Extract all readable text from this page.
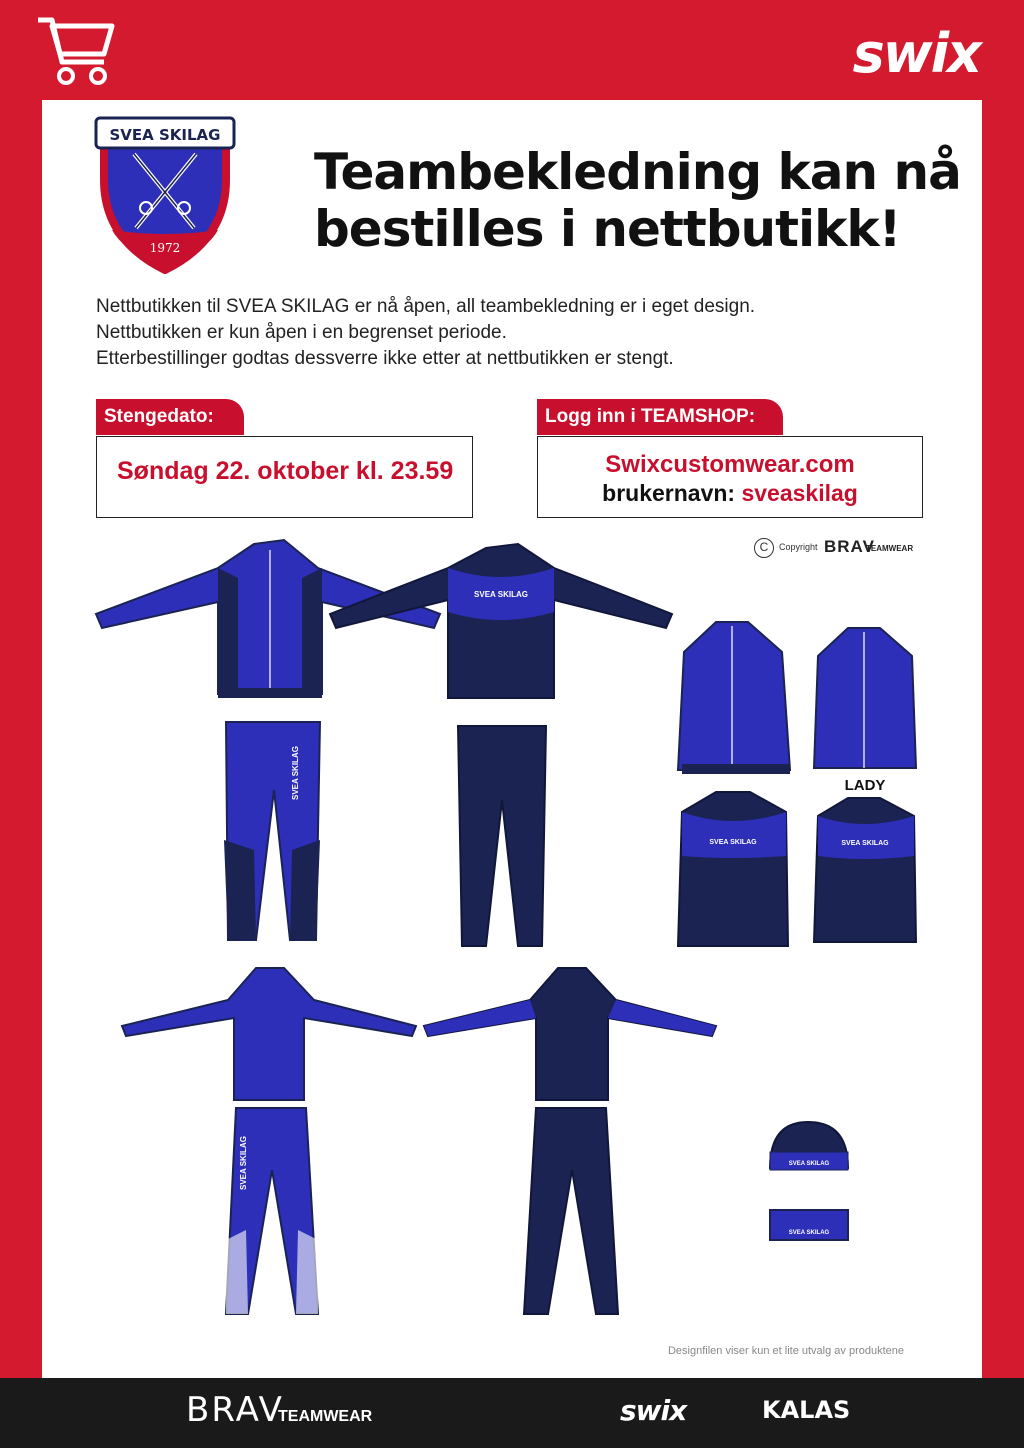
swix
SVEA SKILAG
1972
Teambekledning kan nå
bestilles i nettbutikk!

Nettbutikken til SVEA SKILAG er nå åpen, all teambekledning er i eget design.

Nettbutikken er kun åpen i en begrenset periode.

Etterbestillinger godtas dessverre ikke etter at nettbutikken er stengt.

Stengedato:
Søndag 22. oktober kl. 23.59
Logg inn i TEAMSHOP:
Swixcustomwear.com
brukernavn: sveaskilag
C	Copyright BRAV
TEAMWEAR
SVEA SKILAG
SVEA SKILAG
SVEA SKILAG	SVEA SKILAG
SVEA SKILAG	SVEA SKILAG
SVEA SKILAG
LADY
Designfilen viser kun et lite utvalg av produktene
BRAV
TEAMWEAR	swix	KALAS
